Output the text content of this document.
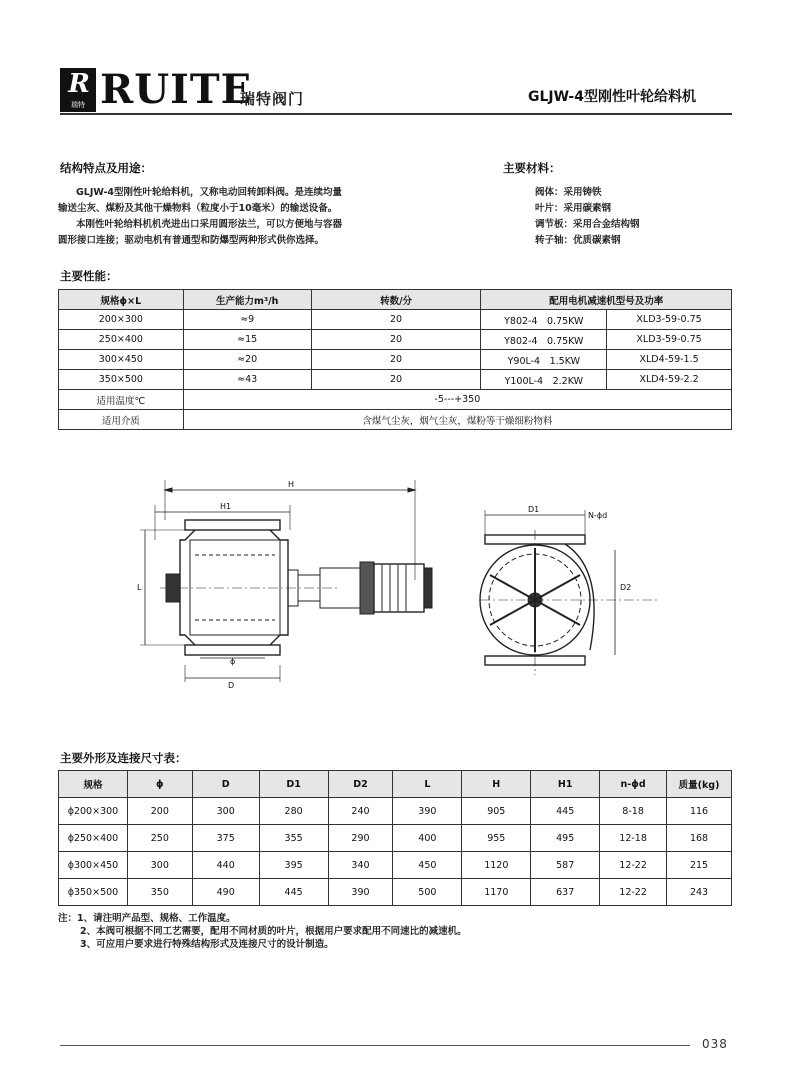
R
瑞特 RUITE
瑞特阀门	GLJW-4型刚性叶轮给料机
结构特点及用途：
GLJW-4型刚性叶轮给料机，又称电动回转卸料阀。是连续均量
输送尘灰、煤粉及其他干燥物料（粒度小于10毫米）的输送设备。
本刚性叶轮给料机机壳进出口采用圆形法兰，可以方便地与容器
圆形接口连接；驱动电机有普通型和防爆型两种形式供你选择。
主要材料：
阀体：采用铸铁
叶片：采用碳素钢
调节板：采用合金结构钢
转子轴：优质碳素钢
主要性能：
规格ϕ×L	生产能力m³/h	转数/分	配用电机减速机型号及功率	
200×300	≈9	20	Y802-4　0.75KW	XLD3-59-0.75
250×400	≈15	20	Y802-4　0.75KW	XLD3-59-0.75
300×450	≈20	20	Y90L-4　1.5KW	XLD4-59-1.5
350×500	≈43	20	Y100L-4　2.2KW	XLD4-59-2.2
适用温度℃	-5---+350			
适用介质	含煤气尘灰，烟气尘灰，煤粉等干燥细粉物料			
H
H1
L
ϕ
D
D1
D2
N-ϕd
主要外形及连接尺寸表：
规格	ϕ	D	D1	D2	L	H	H1	n-ϕd	质量(kg)
ϕ200×300	200	300	280	240	390	905	445	8-18	116
ϕ250×400	250	375	355	290	400	955	495	12-18	168
ϕ300×450	300	440	395	340	450	1120	587	12-22	215
ϕ350×500	350	490	445	390	500	1170	637	12-22	243
注：1、请注明产品型、规格、工作温度。
2、本阀可根据不同工艺需要，配用不同材质的叶片，根据用户要求配用不同速比的减速机。
3、可应用户要求进行特殊结构形式及连接尺寸的设计制造。
038
